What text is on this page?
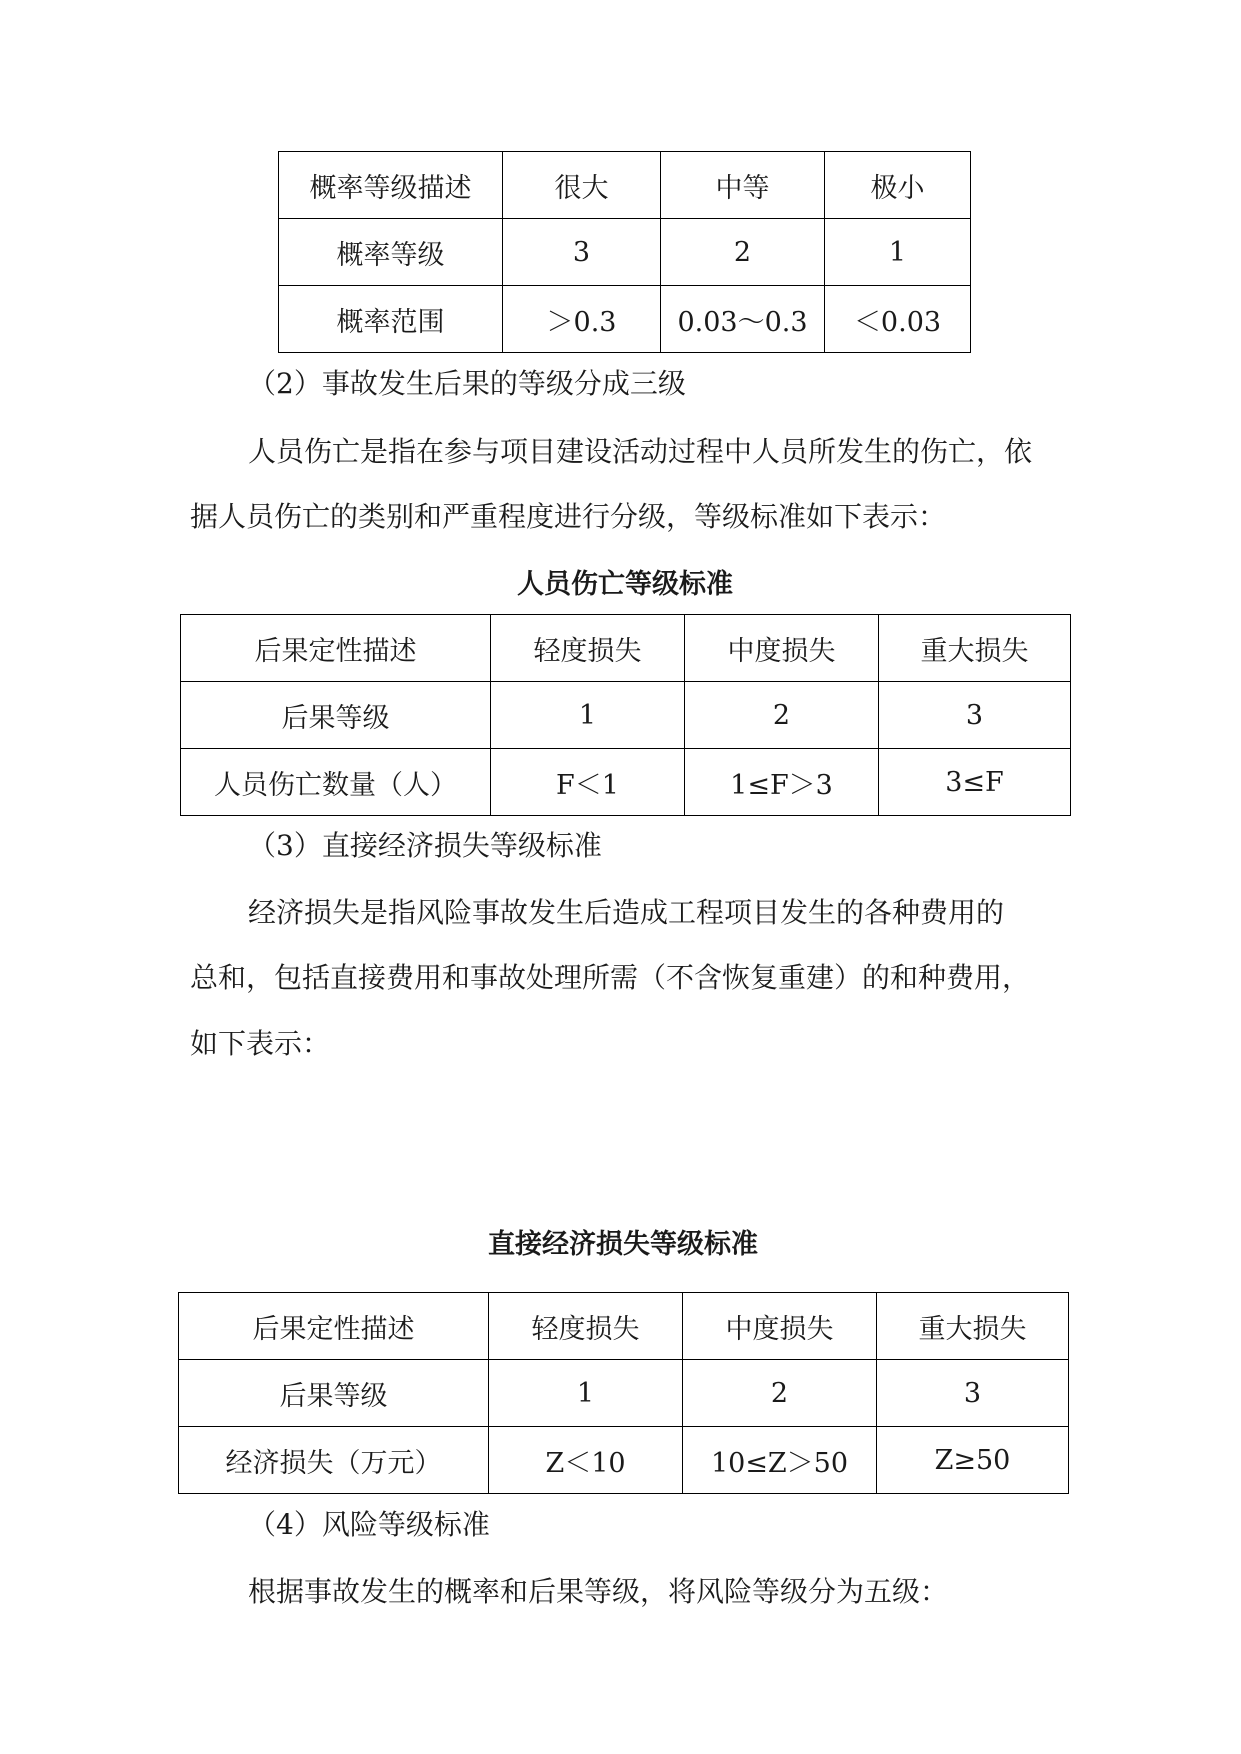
概率等级描述	很大	中等	极小
概率等级	3	2	1
概率范围	＞0.3	0.03～0.3	＜0.03
（2）事故发生后果的等级分成三级
人员伤亡是指在参与项目建设活动过程中人员所发生的伤亡，依
据人员伤亡的类别和严重程度进行分级，等级标准如下表示：
人员伤亡等级标准
后果定性描述	轻度损失	中度损失	重大损失
后果等级	1	2	3
人员伤亡数量（人）	F＜1	1≤F＞3	3≤F
（3）直接经济损失等级标准
经济损失是指风险事故发生后造成工程项目发生的各种费用的
总和，包括直接费用和事故处理所需（不含恢复重建）的和种费用，
如下表示：
直接经济损失等级标准
后果定性描述	轻度损失	中度损失	重大损失
后果等级	1	2	3
经济损失（万元）	Z＜10	10≤Z＞50	Z≥50
（4）风险等级标准
根据事故发生的概率和后果等级，将风险等级分为五级：
